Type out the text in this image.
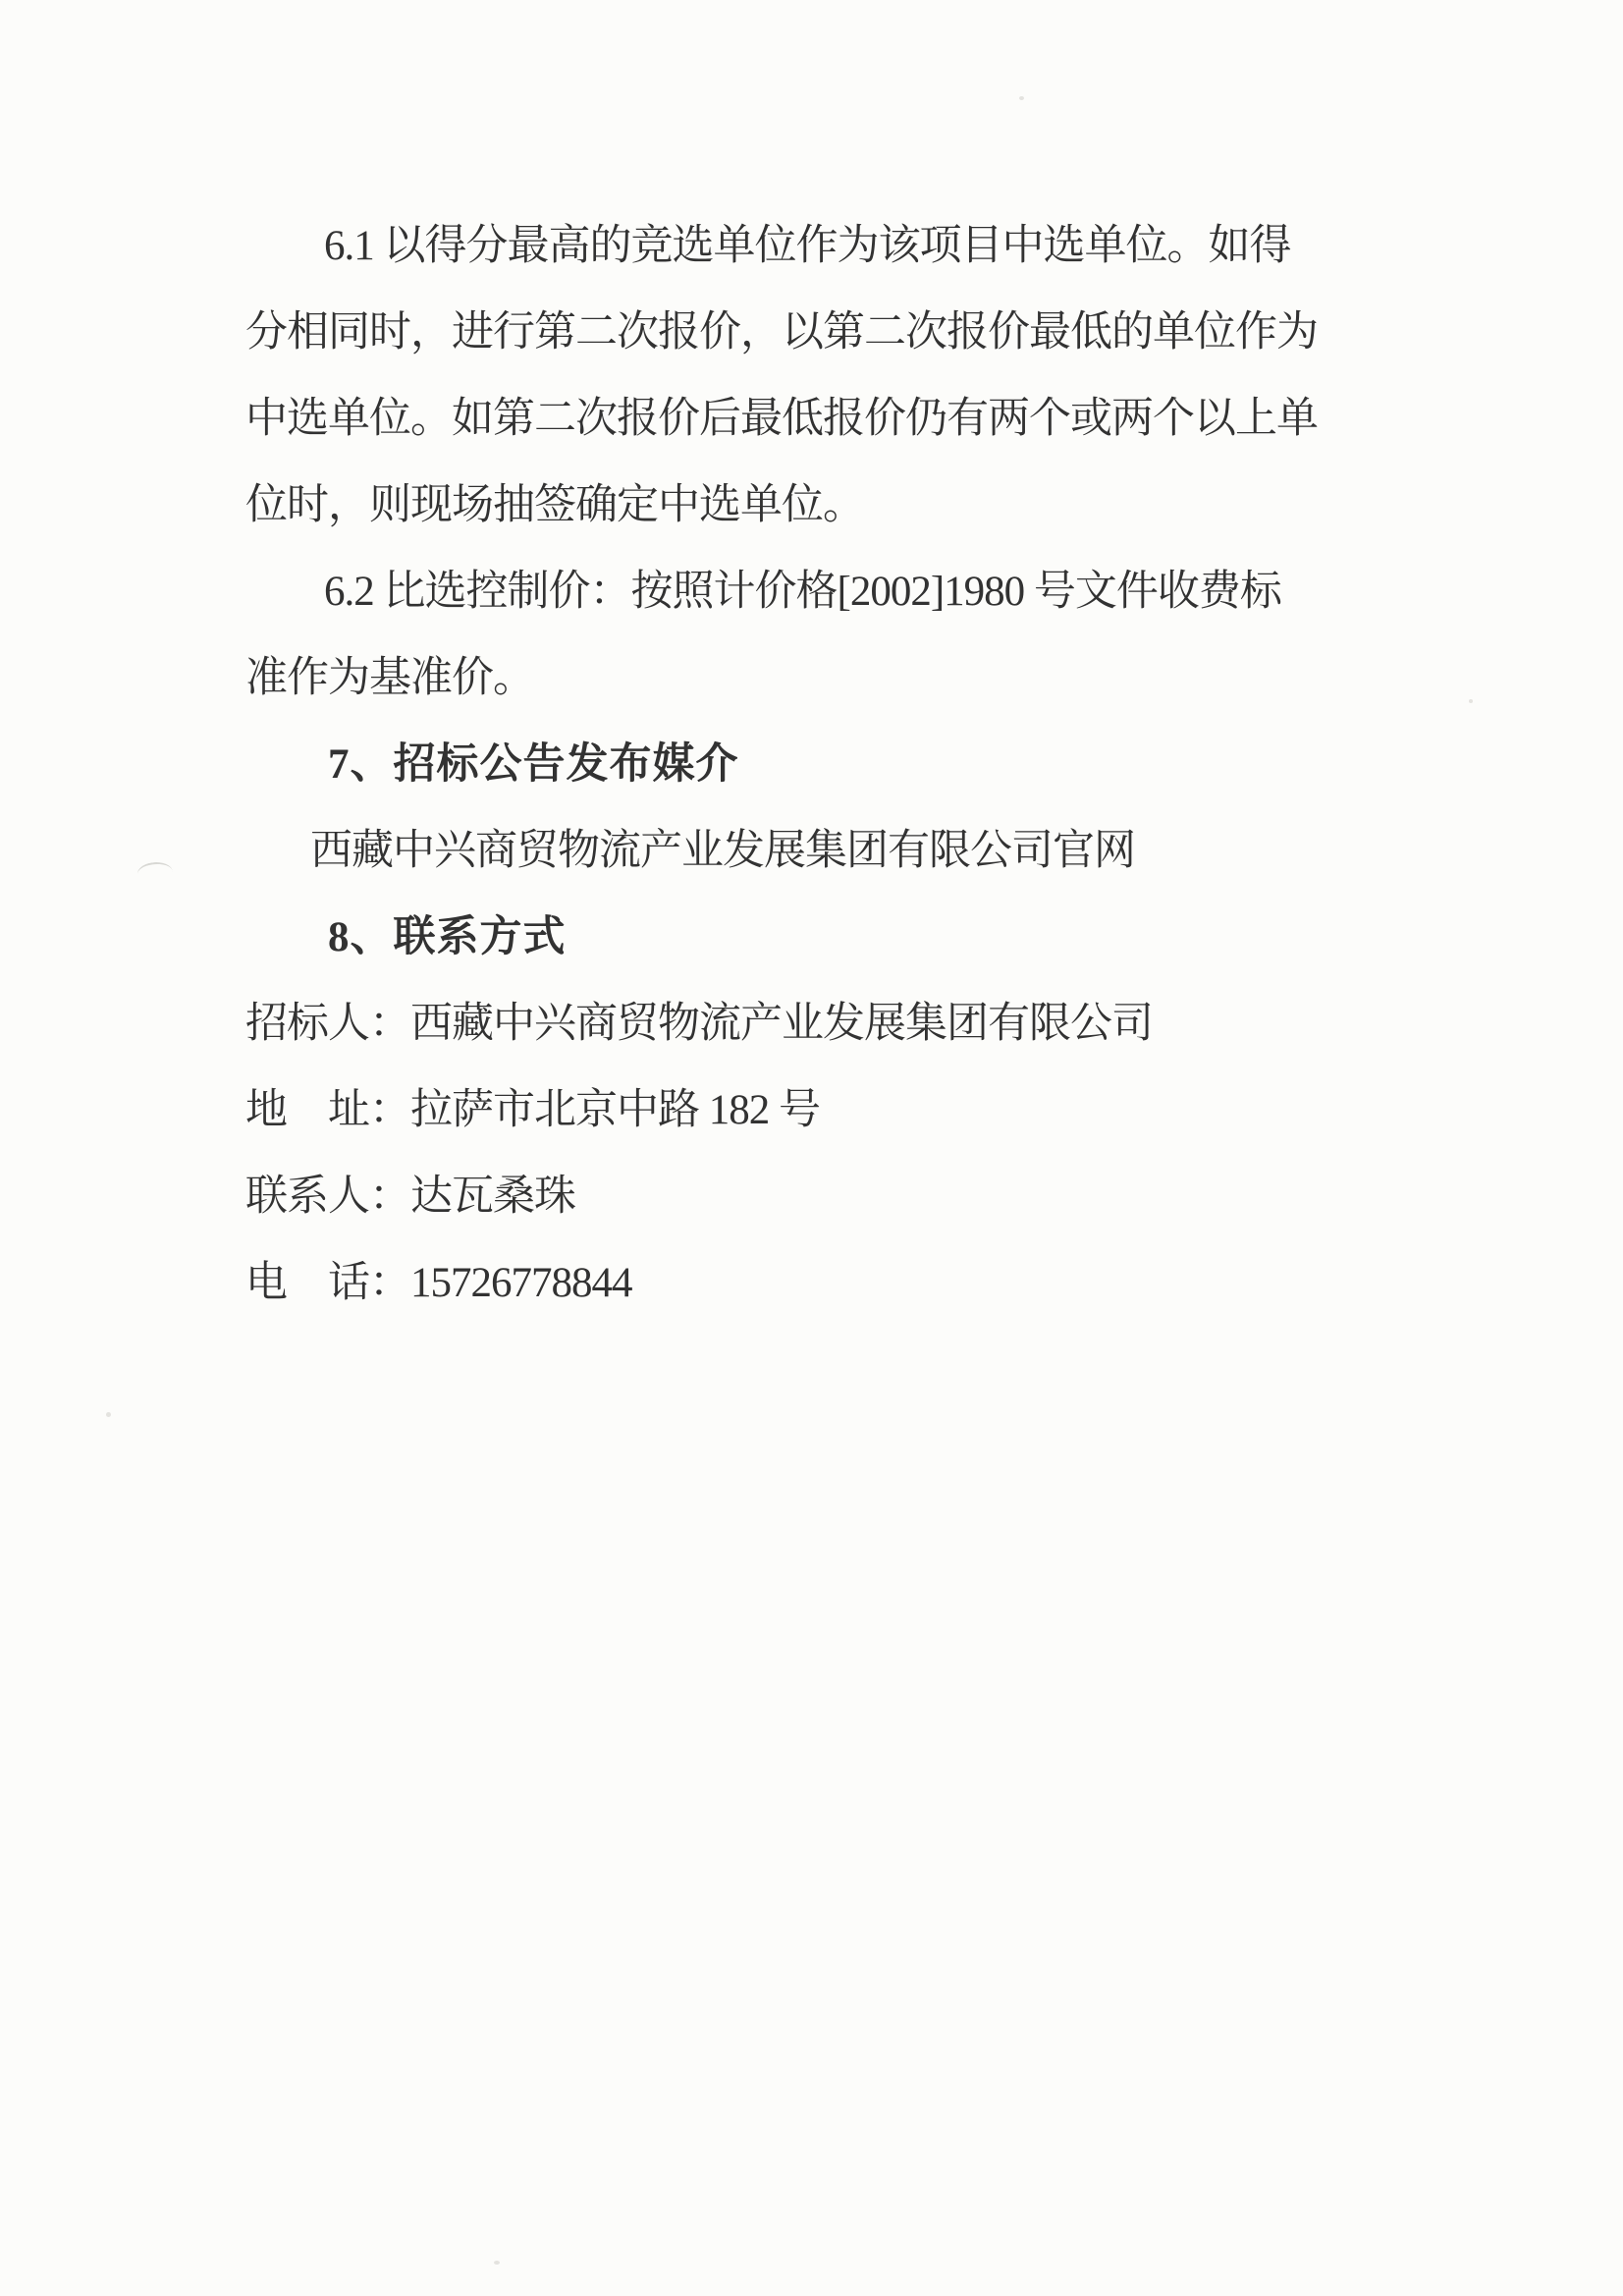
6.1 以得分最高的竞选单位作为该项目中选单位。如得
分相同时，进行第二次报价，以第二次报价最低的单位作为
中选单位。如第二次报价后最低报价仍有两个或两个以上单
位时，则现场抽签确定中选单位。
6.2 比选控制价：按照计价格[2002]1980 号文件收费标
准作为基准价。
7、招标公告发布媒介
西藏中兴商贸物流产业发展集团有限公司官网
8、联系方式
招标人：西藏中兴商贸物流产业发展集团有限公司
地　址：拉萨市北京中路 182 号
联系人：达瓦桑珠
电　话：15726778844
